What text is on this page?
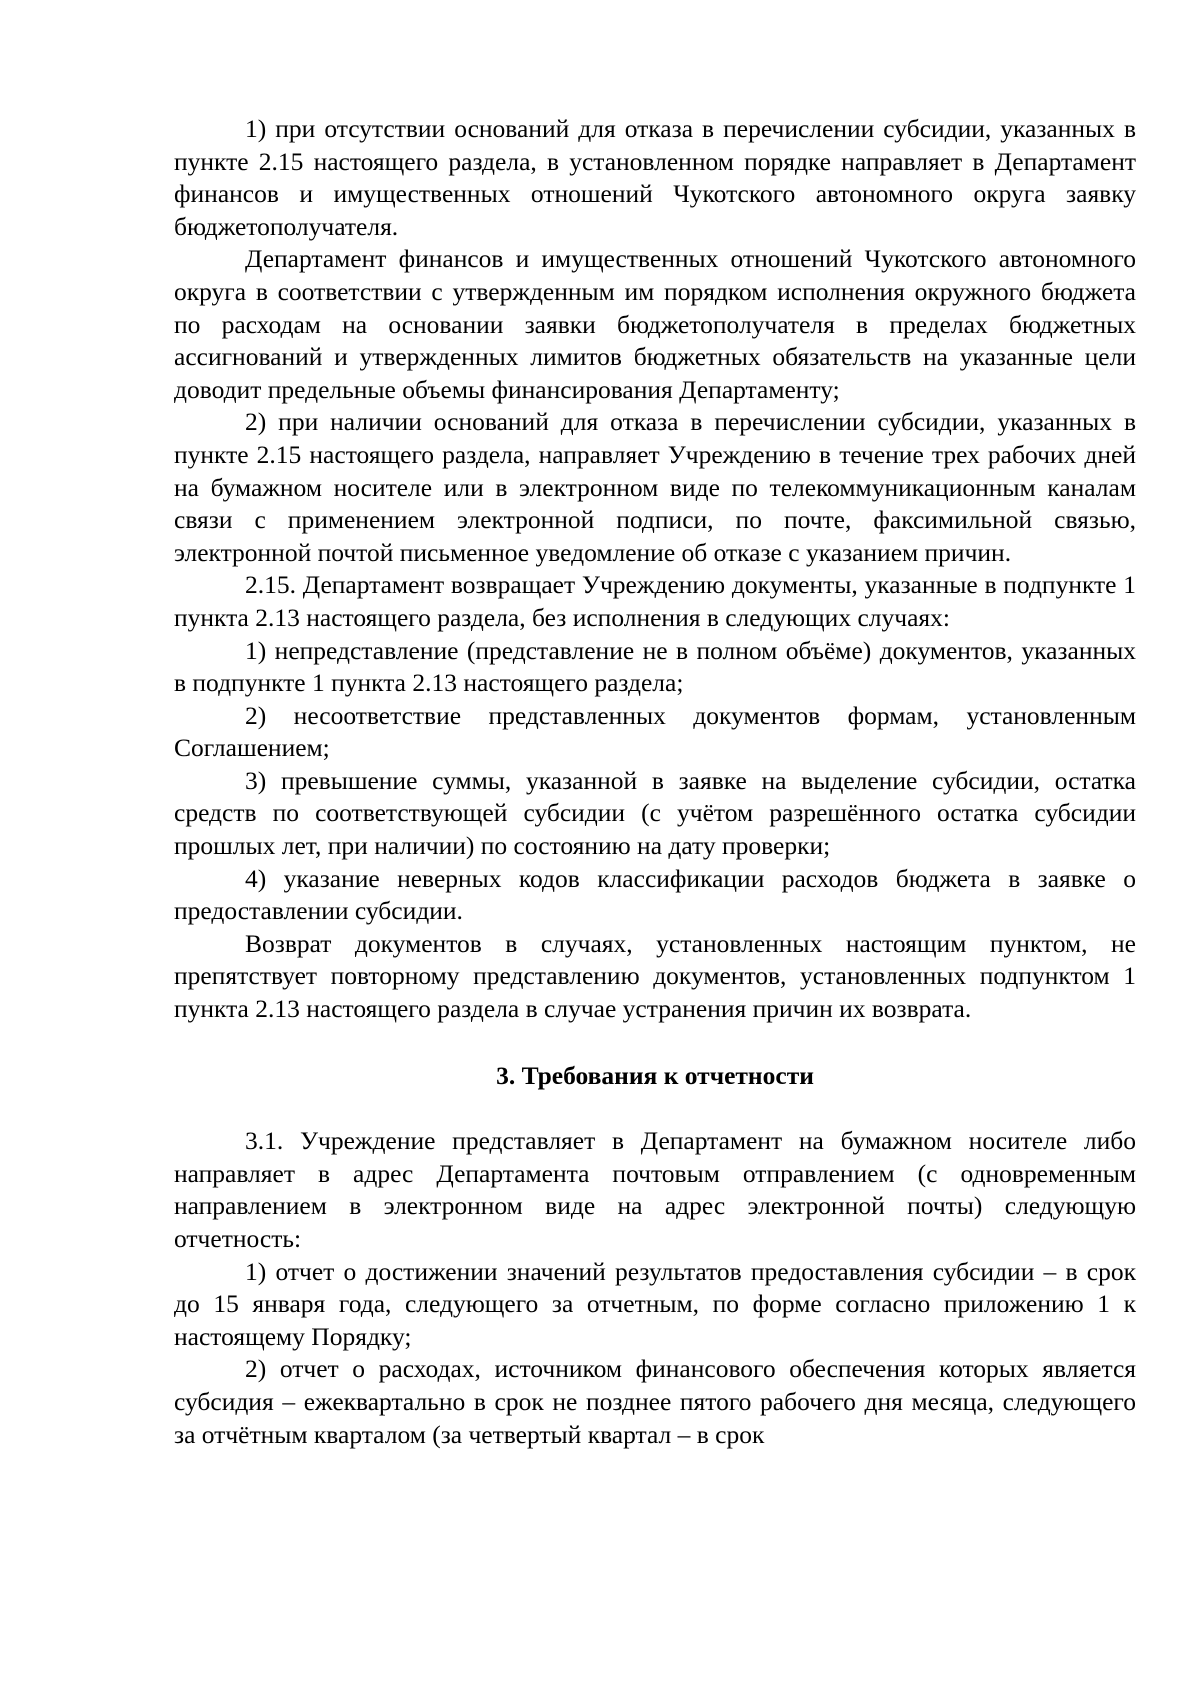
1) при отсутствии оснований для отказа в перечислении субсидии, указанных в пункте 2.15 настоящего раздела, в установленном порядке направляет в Департамент финансов и имущественных отношений Чукотского автономного округа заявку бюджетополучателя.

Департамент финансов и имущественных отношений Чукотского автономного округа в соответствии с утвержденным им порядком исполнения окружного бюджета по расходам на основании заявки бюджетополучателя в пределах бюджетных ассигнований и утвержденных лимитов бюджетных обязательств на указанные цели доводит предельные объемы финансирования Департаменту;

2) при наличии оснований для отказа в перечислении субсидии, указанных в пункте 2.15 настоящего раздела, направляет Учреждению в течение трех рабочих дней на бумажном носителе или в электронном виде по телекоммуникационным каналам связи с применением электронной подписи, по почте, факсимильной связью, электронной почтой письменное уведомление об отказе с указанием причин.

2.15. Департамент возвращает Учреждению документы, указанные в подпункте 1 пункта 2.13 настоящего раздела, без исполнения в следующих случаях:

1) непредставление (представление не в полном объёме) документов, указанных в подпункте 1 пункта 2.13 настоящего раздела;

2) несоответствие представленных документов формам, установленным Соглашением;

3) превышение суммы, указанной в заявке на выделение субсидии, остатка средств по соответствующей субсидии (с учётом разрешённого остатка субсидии прошлых лет, при наличии) по состоянию на дату проверки;

4) указание неверных кодов классификации расходов бюджета в заявке о предоставлении субсидии.

Возврат документов в случаях, установленных настоящим пунктом, не препятствует повторному представлению документов, установленных подпунктом 1 пункта 2.13 настоящего раздела в случае устранения причин их возврата.

3. Требования к отчетности

3.1. Учреждение представляет в Департамент на бумажном носителе либо направляет в адрес Департамента почтовым отправлением (с одновременным направлением в электронном виде на адрес электронной почты) следующую отчетность:

1) отчет о достижении значений результатов предоставления субсидии – в срок до 15 января года, следующего за отчетным, по форме согласно приложению 1 к настоящему Порядку;

2) отчет о расходах, источником финансового обеспечения которых является субсидия – ежеквартально в срок не позднее пятого рабочего дня месяца, следующего за отчётным кварталом (за четвертый квартал – в срок
